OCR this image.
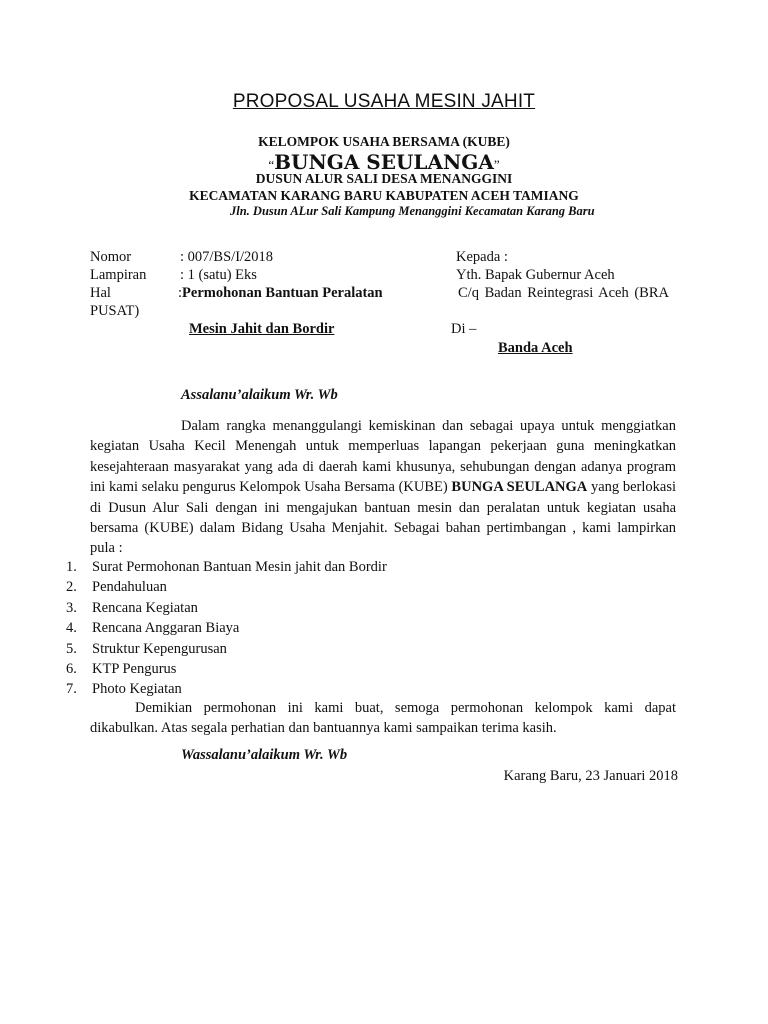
PROPOSAL USAHA MESIN JAHIT
KELOMPOK USAHA BERSAMA (KUBE)
“BUNGA SEULANGA”
DUSUN ALUR SALI DESA MENANGGINI
KECAMATAN KARANG BARU KABUPATEN ACEH TAMIANG
Jln. Dusun ALur Sali Kampung Menanggini Kecamatan Karang Baru
Nomor	: 007/BS/I/2018
Lampiran : 1 (satu) Eks
Hal	:Permohonan Bantuan Peralatan
Mesin Jahit dan Bordir
Kepada :
Yth. Bapak Gubernur Aceh
C/q Badan Reintegrasi Aceh (BRA
PUSAT)
Di –
Banda Aceh
Assalanu’alaikum Wr. Wb
Dalam rangka menanggulangi kemiskinan dan sebagai upaya untuk menggiatkan kegiatan Usaha Kecil Menengah untuk memperluas lapangan pekerjaan guna meningkatkan kesejahteraan masyarakat yang ada di daerah kami khusunya, sehubungan dengan adanya program ini kami selaku pengurus Kelompok Usaha Bersama (KUBE) BUNGA SEULANGA yang berlokasi di Dusun Alur Sali dengan ini mengajukan bantuan mesin dan peralatan untuk kegiatan usaha bersama (KUBE) dalam Bidang Usaha Menjahit. Sebagai bahan pertimbangan , kami lampirkan pula :
1. Surat Permohonan Bantuan Mesin jahit dan Bordir
2. Pendahuluan
3. Rencana Kegiatan
4. Rencana Anggaran Biaya
5. Struktur Kepengurusan
6. KTP Pengurus
7. Photo Kegiatan
Demikian permohonan ini kami buat, semoga permohonan kelompok kami dapat dikabulkan. Atas segala perhatian dan bantuannya kami sampaikan terima kasih.
Wassalanu’alaikum Wr. Wb
Karang Baru, 23 Januari 2018
